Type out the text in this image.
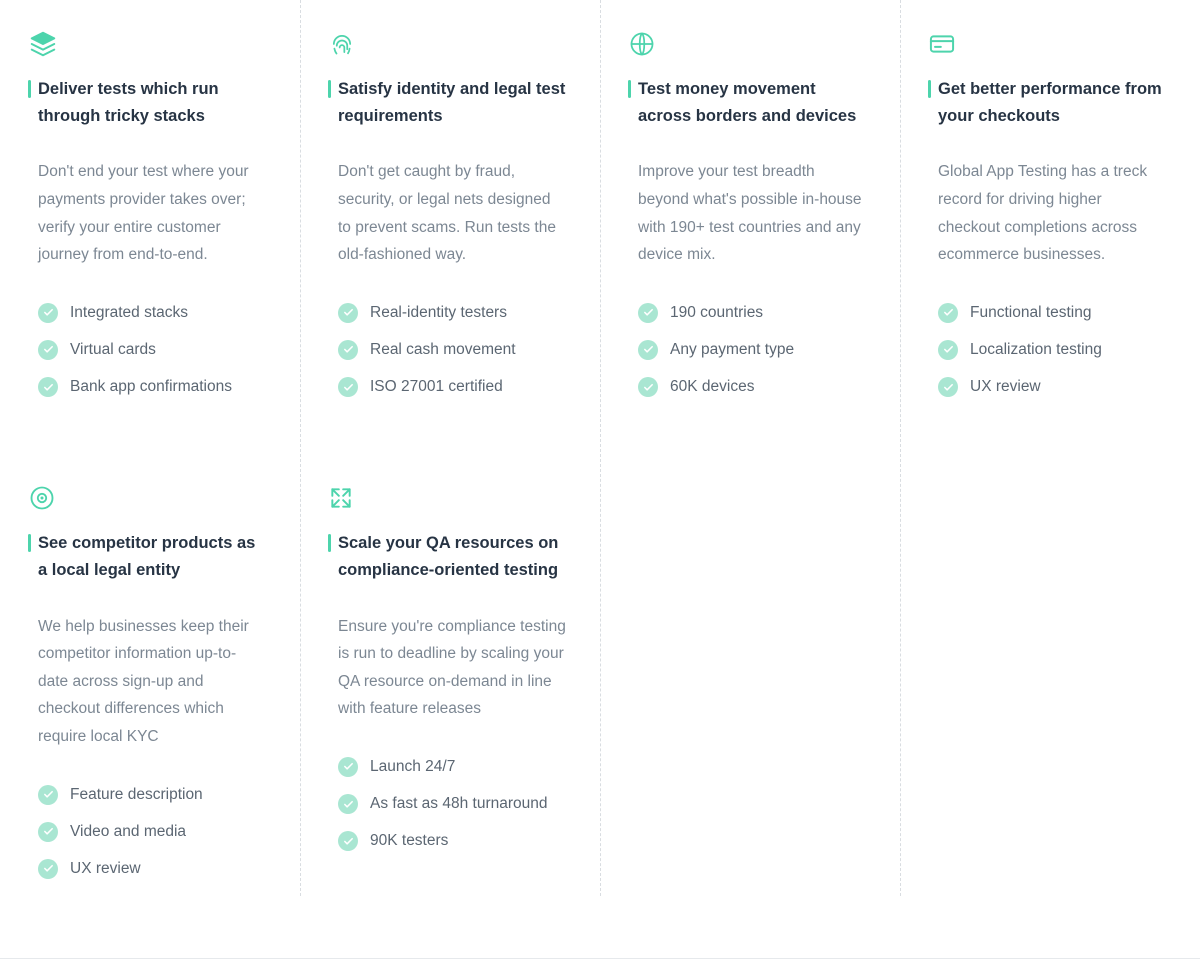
Deliver tests which run through tricky stacks

Don't end your test where your payments provider takes over; verify your entire customer journey from end-to-end.

Integrated stacks
Virtual cards
Bank app confirmations
See competitor products as a local legal entity

We help businesses keep their competitor information up-to-date across sign-up and checkout differences which require local KYC

Feature description
Video and media
UX review
Satisfy identity and legal test requirements

Don't get caught by fraud, security, or legal nets designed to prevent scams. Run tests the old-fashioned way.

Real-identity testers
Real cash movement
ISO 27001 certified
Scale your QA resources on compliance-oriented testing

Ensure you're compliance testing is run to deadline by scaling your QA resource on-demand in line with feature releases

Launch 24/7
As fast as 48h turnaround
90K testers
Test money movement across borders and devices

Improve your test breadth beyond what's possible in-house with 190+ test countries and any device mix.

190 countries
Any payment type
60K devices
Get better performance from your checkouts

Global App Testing has a treck record for driving higher checkout completions across ecommerce businesses.

Functional testing
Localization testing
UX review
